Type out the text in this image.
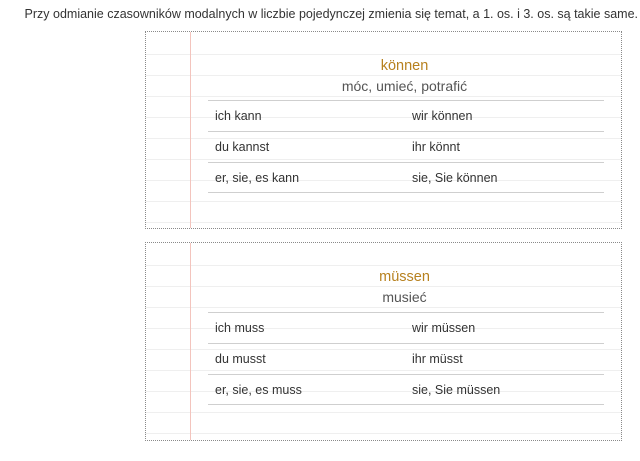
Przy odmianie czasowników modalnych w liczbie pojedynczej zmienia się temat, a 1. os. i 3. os. są takie same.
können
móc, umieć, potrafić
ich kann	wir können
du kannst	ihr könnt
er, sie, es kann	sie, Sie können
müssen
musieć
ich muss	wir müssen
du musst	ihr müsst
er, sie, es muss	sie, Sie müssen
